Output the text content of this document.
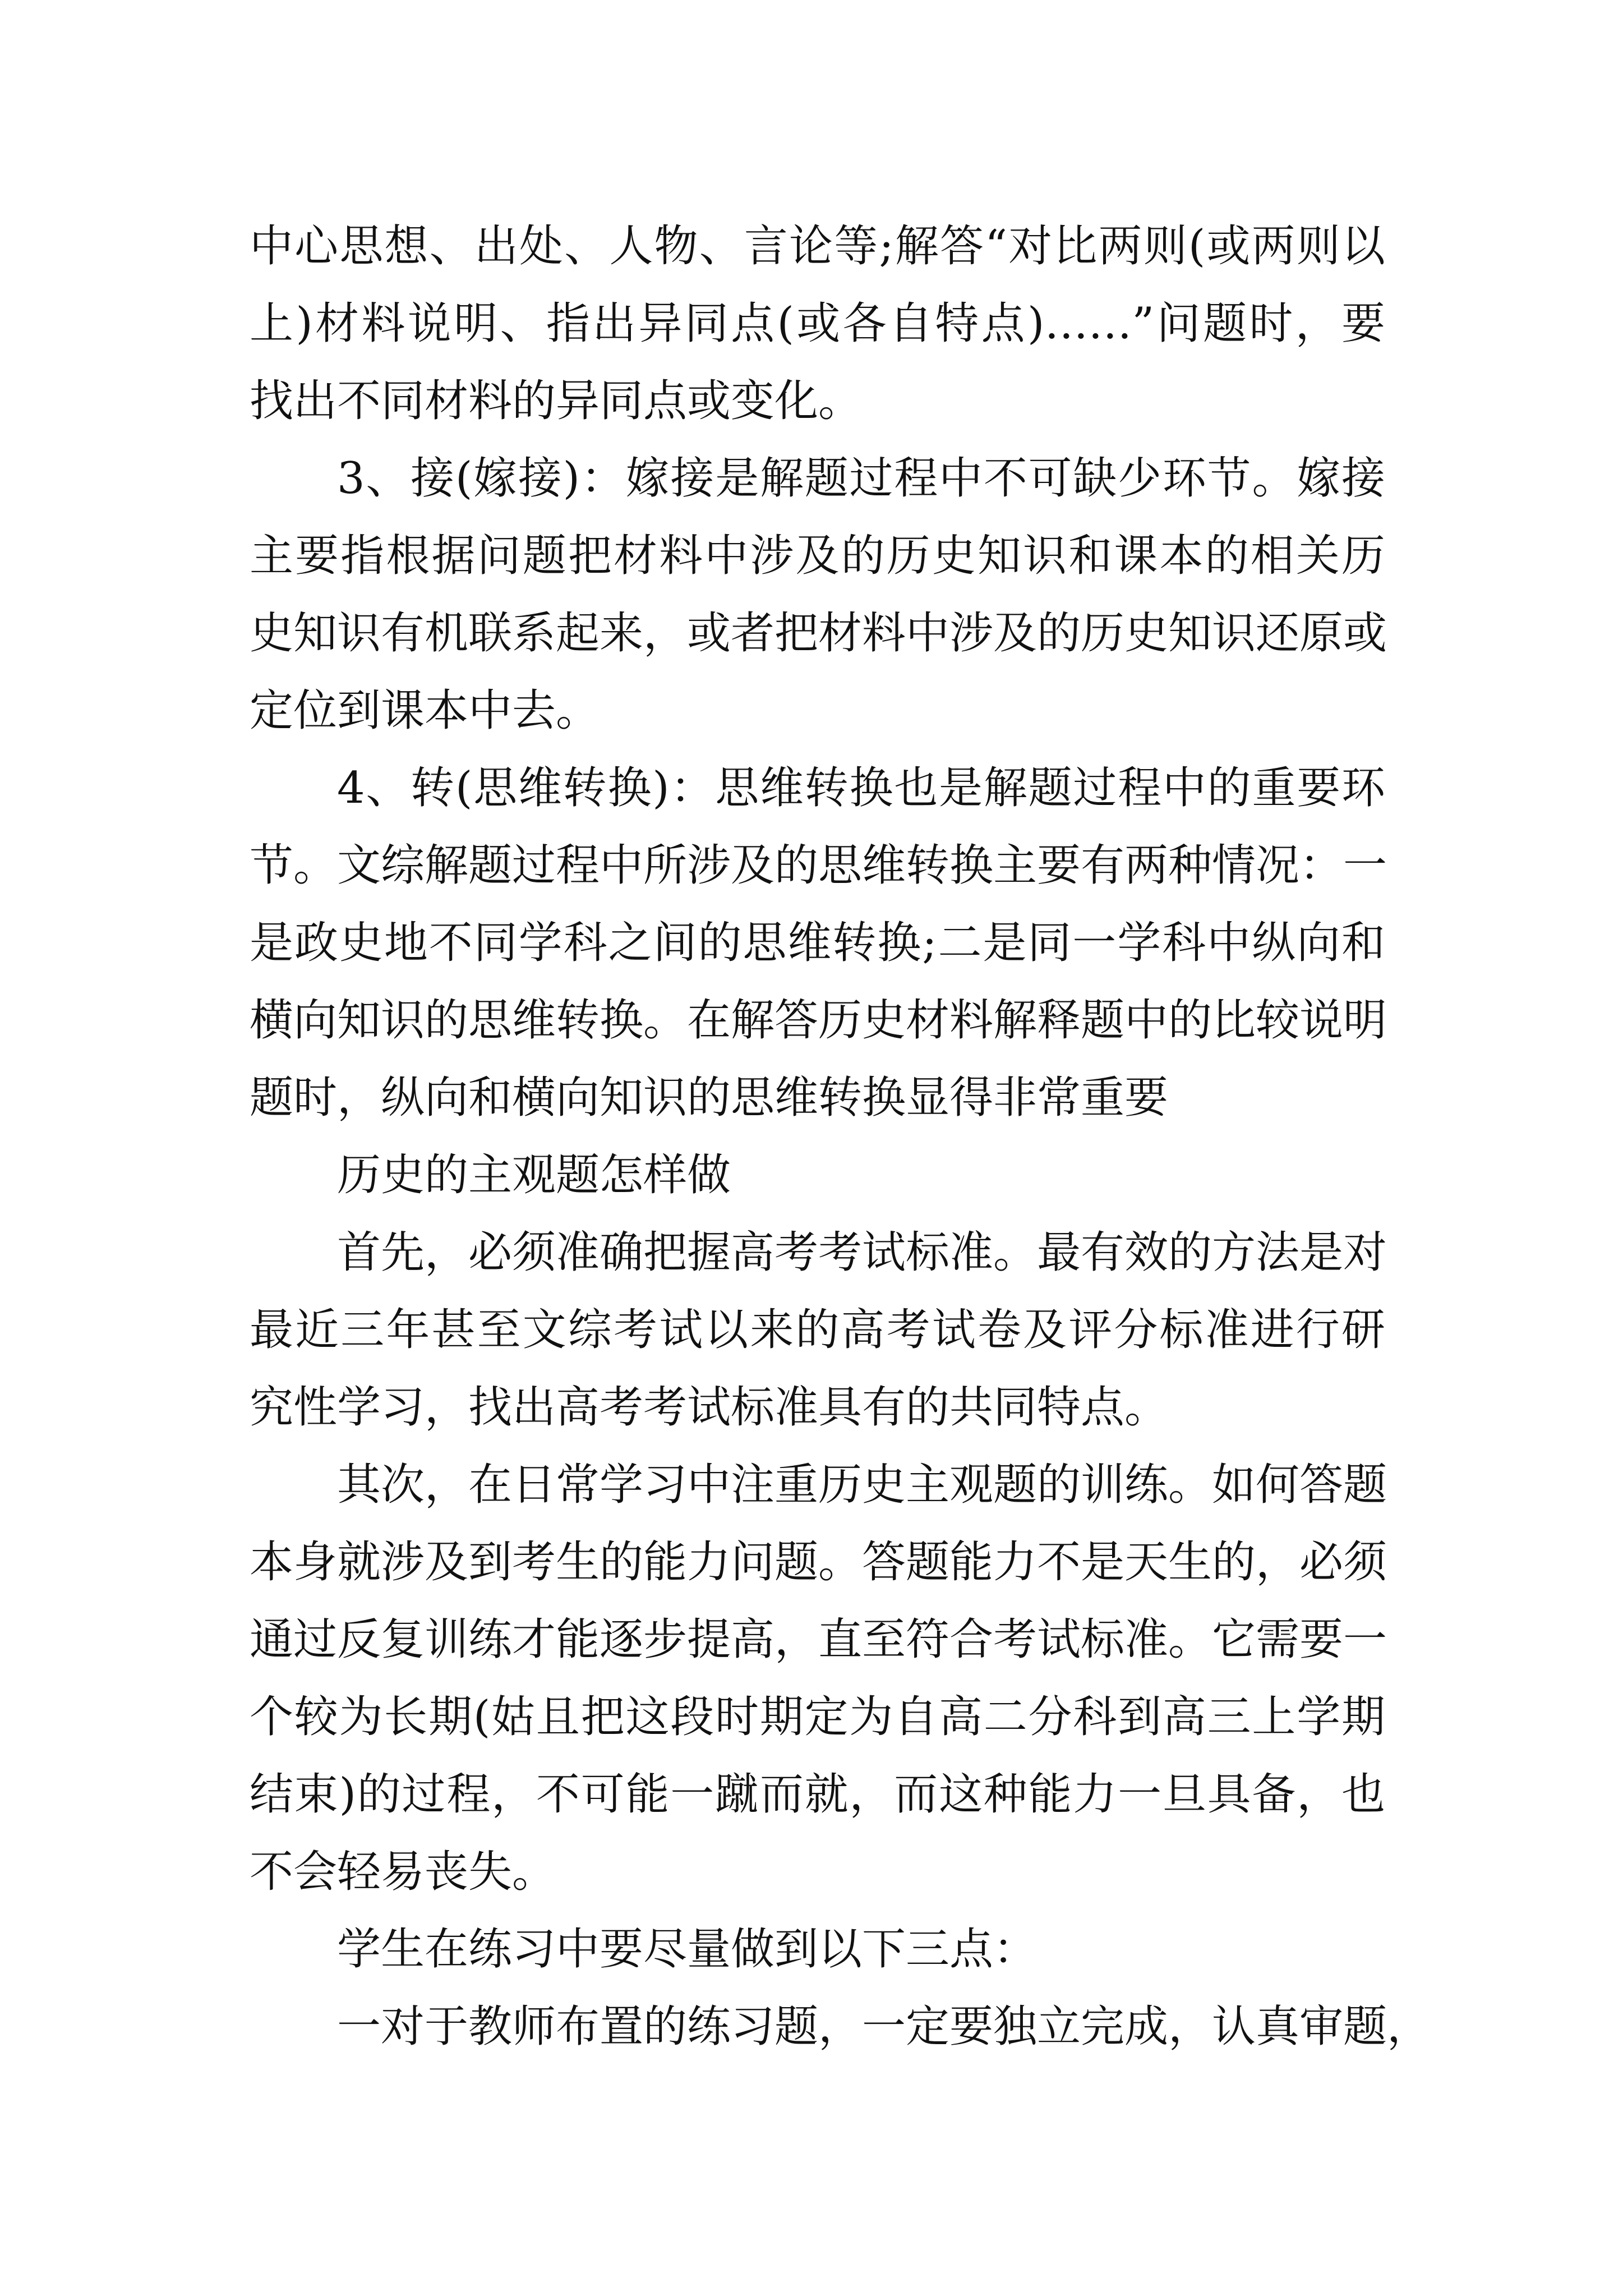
中心思想、出处、人物、言论等;解答“对比两则(或两则以
上)材料说明、指出异同点(或各自特点)……”问题时，要
找出不同材料的异同点或变化。
3、接(嫁接)：嫁接是解题过程中不可缺少环节。嫁接
主要指根据问题把材料中涉及的历史知识和课本的相关历
史知识有机联系起来，或者把材料中涉及的历史知识还原或
定位到课本中去。
4、转(思维转换)：思维转换也是解题过程中的重要环
节。文综解题过程中所涉及的思维转换主要有两种情况：一
是政史地不同学科之间的思维转换;二是同一学科中纵向和
横向知识的思维转换。在解答历史材料解释题中的比较说明
题时，纵向和横向知识的思维转换显得非常重要
历史的主观题怎样做
首先，必须准确把握高考考试标准。最有效的方法是对
最近三年甚至文综考试以来的高考试卷及评分标准进行研
究性学习，找出高考考试标准具有的共同特点。
其次，在日常学习中注重历史主观题的训练。如何答题
本身就涉及到考生的能力问题。答题能力不是天生的，必须
通过反复训练才能逐步提高，直至符合考试标准。它需要一
个较为长期(姑且把这段时期定为自高二分科到高三上学期
结束)的过程，不可能一蹴而就，而这种能力一旦具备，也
不会轻易丧失。
学生在练习中要尽量做到以下三点：
一对于教师布置的练习题，一定要独立完成，认真审题，
